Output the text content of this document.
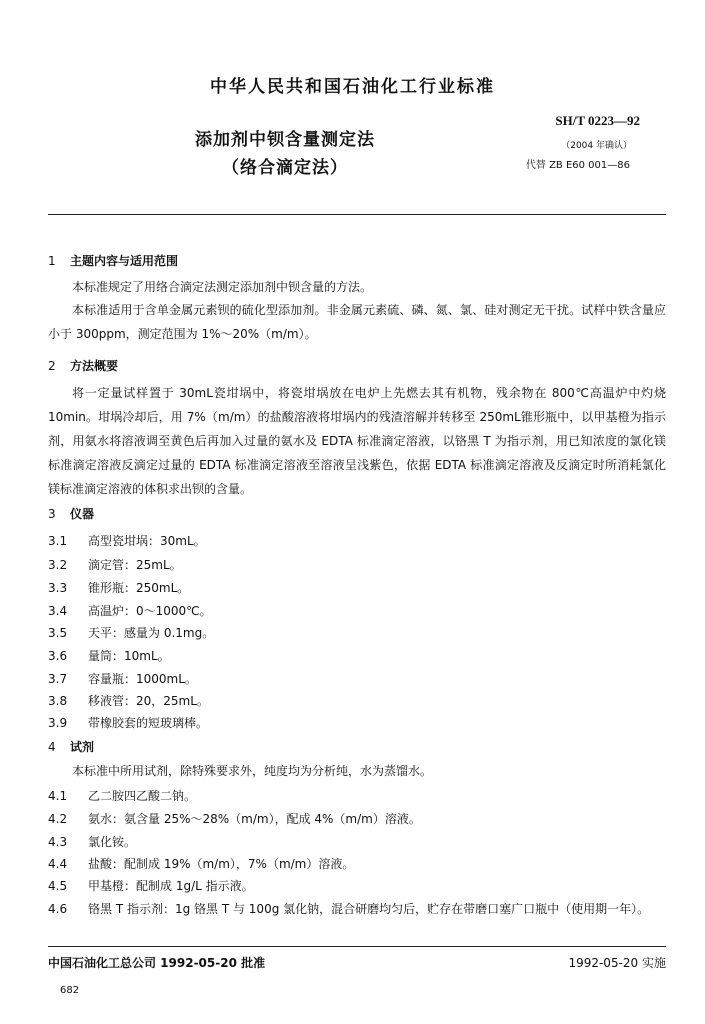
中华人民共和国石油化工行业标准
添加剂中钡含量测定法
（络合滴定法）
SH/T 0223—92
（2004 年确认）
代替 ZB E60 001—86
1 主题内容与适用范围
本标准规定了用络合滴定法测定添加剂中钡含量的方法。
本标准适用于含单金属元素钡的硫化型添加剂。非金属元素硫、磷、氮、氯、硅对测定无干扰。试样中铁含量应小于 300ppm，测定范围为 1%～20%（m/m）。
2 方法概要
将一定量试样置于 30mL瓷坩埚中，将瓷坩埚放在电炉上先燃去其有机物，残余物在 800℃高温炉中灼烧 10min。坩埚冷却后，用 7%（m/m）的盐酸溶液将坩埚内的残渣溶解并转移至 250mL锥形瓶中，以甲基橙为指示剂，用氨水将溶液调至黄色后再加入过量的氨水及 EDTA 标准滴定溶液，以铬黑 T 为指示剂，用已知浓度的氯化镁标准滴定溶液反滴定过量的 EDTA 标准滴定溶液至溶液呈浅紫色，依据 EDTA 标准滴定溶液及反滴定时所消耗氯化镁标准滴定溶液的体积求出钡的含量。
3 仪器
3.1 高型瓷坩埚：30mL。
3.2 滴定管：25mL。
3.3 锥形瓶：250mL。
3.4 高温炉：0～1000℃。
3.5 天平：感量为 0.1mg。
3.6 量筒：10mL。
3.7 容量瓶：1000mL。
3.8 移液管：20，25mL。
3.9 带橡胶套的短玻璃棒。
4 试剂
本标准中所用试剂，除特殊要求外，纯度均为分析纯，水为蒸馏水。
4.1 乙二胺四乙酸二钠。
4.2 氨水：氨含量 25%～28%（m/m），配成 4%（m/m）溶液。
4.3 氯化铵。
4.4 盐酸：配制成 19%（m/m），7%（m/m）溶液。
4.5 甲基橙：配制成 1g/L 指示液。
4.6 铬黑 T 指示剂：1g 铬黑 T 与 100g 氯化钠，混合研磨均匀后，贮存在带磨口塞广口瓶中（使用期一年）。
中国石油化工总公司 1992-05-20 批准	1992-05-20 实施
682
